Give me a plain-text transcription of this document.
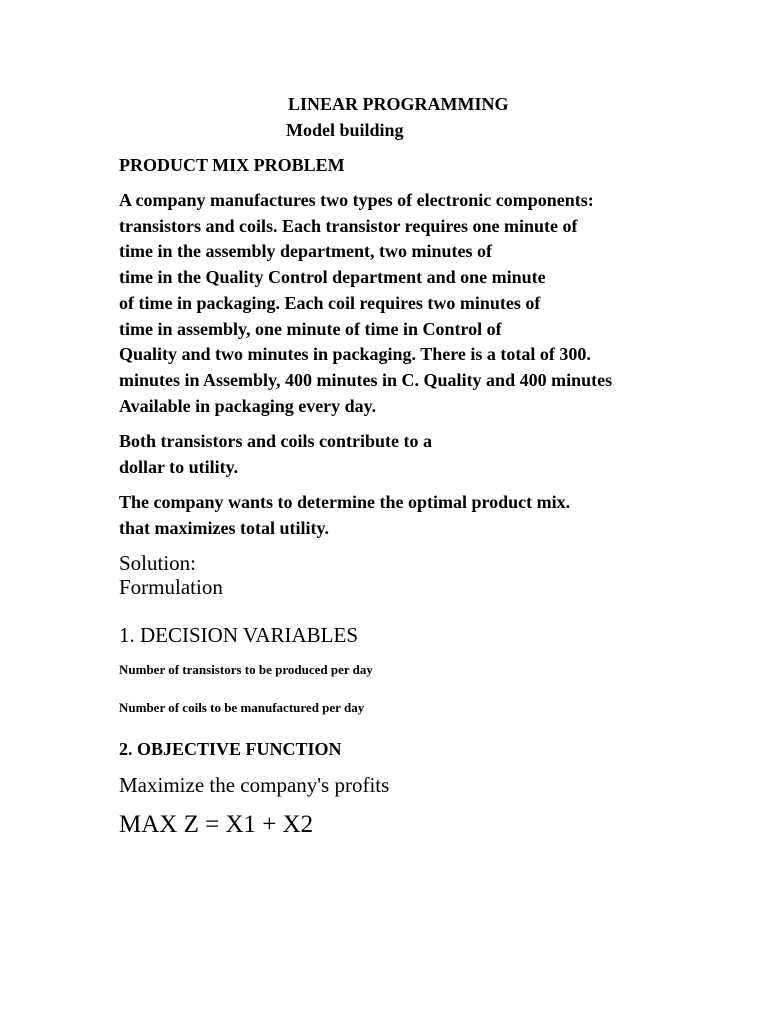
LINEAR PROGRAMMING
Model building
PRODUCT MIX PROBLEM
A company manufactures two types of electronic components:
transistors and coils. Each transistor requires one minute of
time in the assembly department, two minutes of
time in the Quality Control department and one minute
of time in packaging. Each coil requires two minutes of
time in assembly, one minute of time in Control of
Quality and two minutes in packaging. There is a total of 300.
minutes in Assembly, 400 minutes in C. Quality and 400 minutes
Available in packaging every day.
Both transistors and coils contribute to a
dollar to utility.
The company wants to determine the optimal product mix.
that maximizes total utility.
Solution:
Formulation
1. DECISION VARIABLES
Number of transistors to be produced per day
Number of coils to be manufactured per day
2. OBJECTIVE FUNCTION
Maximize the company's profits
MAX Z = X1 + X2
